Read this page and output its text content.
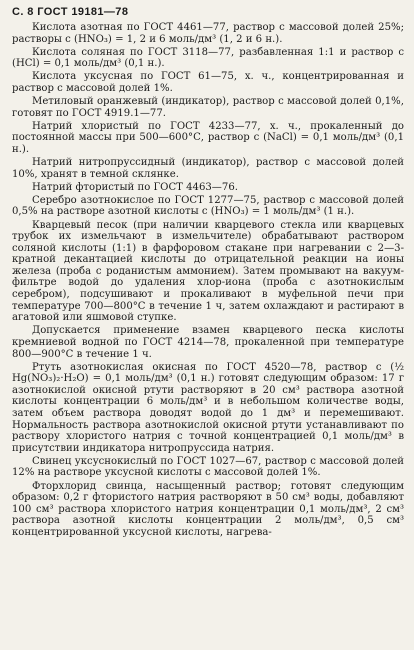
С. 8 ГОСТ 19181—78

Кислота азотная по ГОСТ 4461—77, раствор с массовой долей 25%; растворы с (HNO₃) = 1, 2 и 6 моль/дм³ (1, 2 и 6 н.).

Кислота соляная по ГОСТ 3118—77, разбавленная 1:1 и раствор с (HCl) = 0,1 моль/дм³ (0,1 н.).

Кислота уксусная по ГОСТ 61—75, х. ч., концентрированная и раствор с массовой долей 1%.

Метиловый оранжевый (индикатор), раствор с массовой долей 0,1%, готовят по ГОСТ 4919.1—77.

Натрий хлористый по ГОСТ 4233—77, х. ч., прокаленный до постоянной массы при 500—600°С, раствор с (NaCl) = 0,1 моль/дм³ (0,1 н.).

Натрий нитропруссидный (индикатор), раствор с массовой долей 10%, хранят в темной склянке.

Натрий фтористый по ГОСТ 4463—76.

Серебро азотнокислое по ГОСТ 1277—75, раствор с массовой долей 0,5% на растворе азотной кислоты с (HNO₃) = 1 моль/дм³ (1 н.).

Кварцевый песок (при наличии кварцевого стекла или кварцевых трубок их измельчают в измельчителе) обрабатывают раствором соляной кислоты (1:1) в фарфоровом стакане при нагревании с 2—3-кратной декантацией кислоты до отрицательной реакции на ионы железа (проба с роданистым аммонием). Затем промывают на вакуум-фильтре водой до удаления хлор-иона (проба с азотнокислым серебром), подсушивают и прокаливают в муфельной печи при температуре 700—800°С в течение 1 ч, затем охлаждают и растирают в агатовой или яшмовой ступке.

Допускается применение взамен кварцевого песка кислоты кремниевой водной по ГОСТ 4214—78, прокаленной при температуре 800—900°С в течение 1 ч.

Ртуть азотнокислая окисная по ГОСТ 4520—78, раствор с (½ Hg(NO₃)₂·H₂O) = 0,1 моль/дм³ (0,1 н.) готовят следующим образом: 17 г азотнокислой окисной ртути растворяют в 20 см³ раствора азотной кислоты концентрации 6 моль/дм³ и в небольшом количестве воды, затем объем раствора доводят водой до 1 дм³ и перемешивают. Нормальность раствора азотнокислой окисной ртути устанавливают по раствору хлористого натрия с точной концентрацией 0,1 моль/дм³ в присутствии индикатора нитропруссида натрия.

Свинец уксуснокислый по ГОСТ 1027—67, раствор с массовой долей 12% на растворе уксусной кислоты с массовой долей 1%.

Фторхлорид свинца, насыщенный раствор; готовят следующим образом: 0,2 г фтористого натрия растворяют в 50 см³ воды, добавляют 100 см³ раствора хлористого натрия концентрации 0,1 моль/дм³, 2 см³ раствора азотной кислоты концентрации 2 моль/дм³, 0,5 см³ концентрированной уксусной кислоты, нагрева-
